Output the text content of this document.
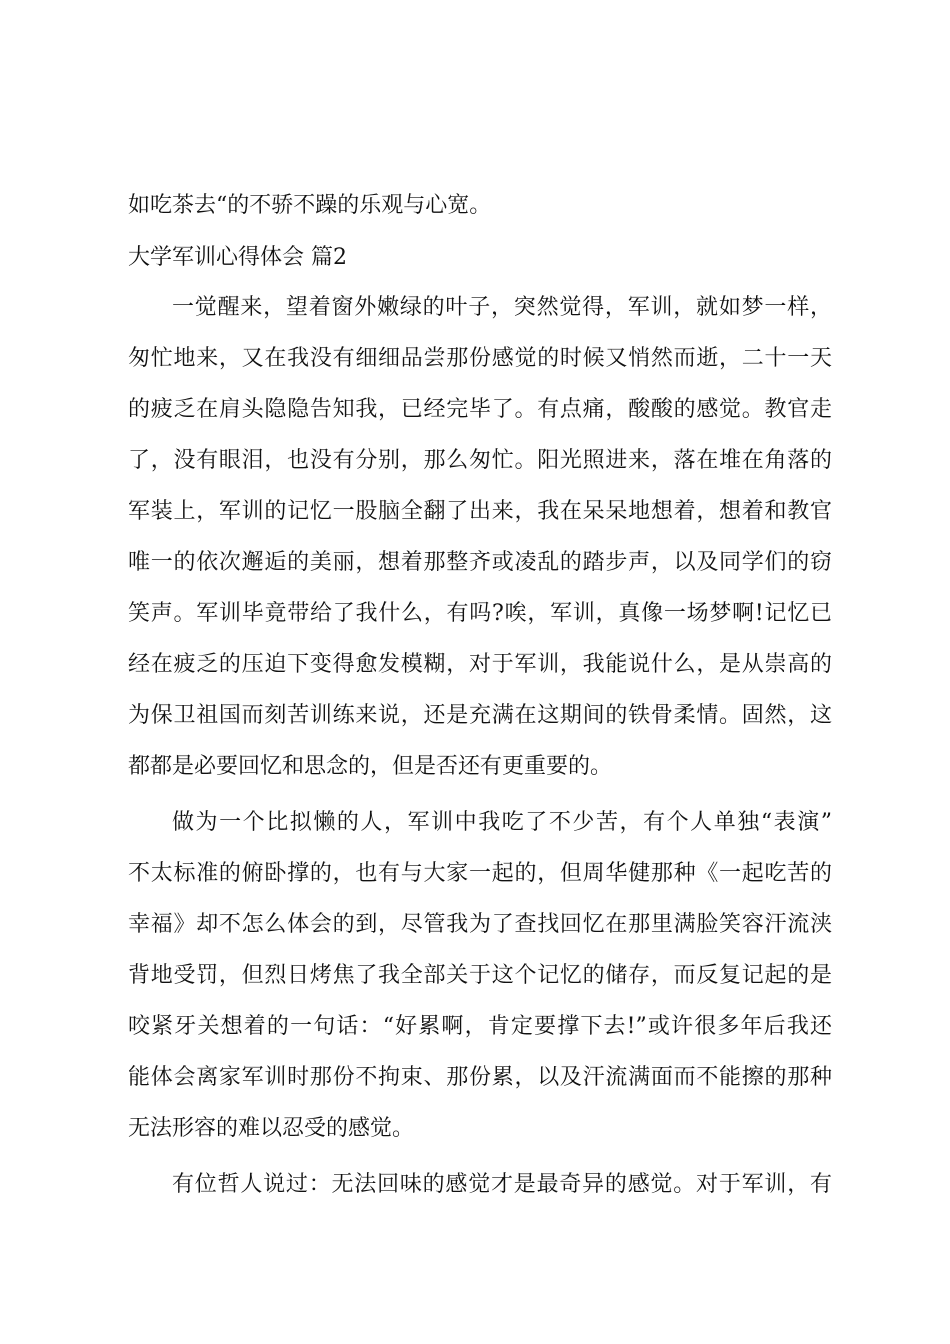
如吃茶去“的不骄不躁的乐观与心宽。
大学军训心得体会 篇2
一觉醒来，望着窗外嫩绿的叶子，突然觉得，军训，就如梦一样，
匆忙地来，又在我没有细细品尝那份感觉的时候又悄然而逝，二十一天
的疲乏在肩头隐隐告知我，已经完毕了。有点痛，酸酸的感觉。教官走
了，没有眼泪，也没有分别，那么匆忙。阳光照进来，落在堆在角落的
军装上，军训的记忆一股脑全翻了出来，我在呆呆地想着，想着和教官
唯一的依次邂逅的美丽，想着那整齐或凌乱的踏步声，以及同学们的窃
笑声。军训毕竟带给了我什么，有吗?唉，军训，真像一场梦啊!记忆已
经在疲乏的压迫下变得愈发模糊，对于军训，我能说什么，是从崇高的
为保卫祖国而刻苦训练来说，还是充满在这期间的铁骨柔情。固然，这
都都是必要回忆和思念的，但是否还有更重要的。
做为一个比拟懒的人，军训中我吃了不少苦，有个人单独“表演”
不太标准的俯卧撑的，也有与大家一起的，但周华健那种《一起吃苦的
幸福》却不怎么体会的到，尽管我为了查找回忆在那里满脸笑容汗流浃
背地受罚，但烈日烤焦了我全部关于这个记忆的储存，而反复记起的是
咬紧牙关想着的一句话：“好累啊，肯定要撑下去!”或许很多年后我还
能体会离家军训时那份不拘束、那份累，以及汗流满面而不能擦的那种
无法形容的难以忍受的感觉。
有位哲人说过：无法回味的感觉才是最奇异的感觉。对于军训，有
